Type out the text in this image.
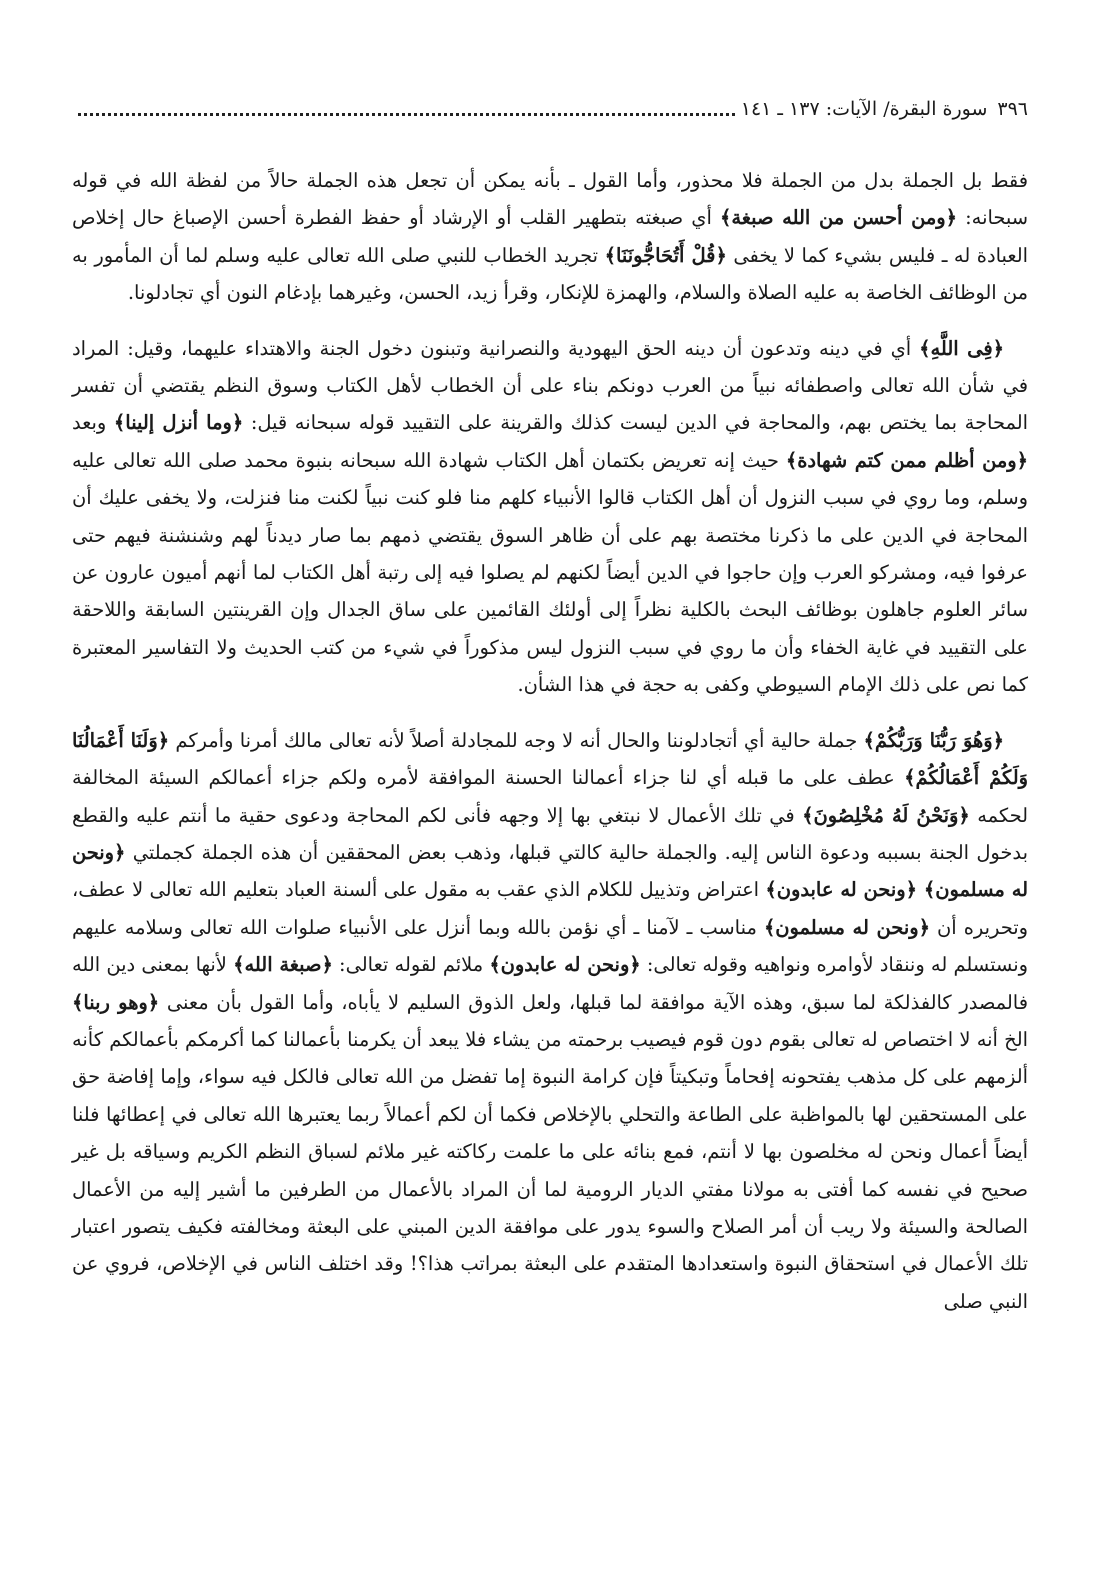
٣٩٦
سورة البقرة/ الآيات: ١٣٧ ـ ١٤١

فقط بل الجملة بدل من الجملة فلا محذور، وأما القول ـ بأنه يمكن أن تجعل هذه الجملة حالاً من لفظة الله في قوله سبحانه: ﴿ومن أحسن من الله صبغة﴾ أي صبغته بتطهير القلب أو الإرشاد أو حفظ الفطرة أحسن الإصباغ حال إخلاص العبادة له ـ فليس بشيء كما لا يخفى ﴿قُلْ أَتُحَاجُّونَنَا﴾ تجريد الخطاب للنبي صلى الله تعالى عليه وسلم لما أن المأمور به من الوظائف الخاصة به عليه الصلاة والسلام، والهمزة للإنكار، وقرأ زيد، الحسن، وغيرهما بإدغام النون أي تجادلونا.

﴿فِى اللَّهِ﴾ أي في دينه وتدعون أن دينه الحق اليهودية والنصرانية وتبنون دخول الجنة والاهتداء عليهما، وقيل: المراد في شأن الله تعالى واصطفائه نبياً من العرب دونكم بناء على أن الخطاب لأهل الكتاب وسوق النظم يقتضي أن تفسر المحاجة بما يختص بهم، والمحاجة في الدين ليست كذلك والقرينة على التقييد قوله سبحانه قيل: ﴿وما أنزل إلينا﴾ وبعد ﴿ومن أظلم ممن كتم شهادة﴾ حيث إنه تعريض بكتمان أهل الكتاب شهادة الله سبحانه بنبوة محمد صلى الله تعالى عليه وسلم، وما روي في سبب النزول أن أهل الكتاب قالوا الأنبياء كلهم منا فلو كنت نبياً لكنت منا فنزلت، ولا يخفى عليك أن المحاجة في الدين على ما ذكرنا مختصة بهم على أن ظاهر السوق يقتضي ذمهم بما صار ديدناً لهم وشنشنة فيهم حتى عرفوا فيه، ومشركو العرب وإن حاجوا في الدين أيضاً لكنهم لم يصلوا فيه إلى رتبة أهل الكتاب لما أنهم أميون عارون عن سائر العلوم جاهلون بوظائف البحث بالكلية نظراً إلى أولئك القائمين على ساق الجدال وإن القرينتين السابقة واللاحقة على التقييد في غاية الخفاء وأن ما روي في سبب النزول ليس مذكوراً في شيء من كتب الحديث ولا التفاسير المعتبرة كما نص على ذلك الإمام السيوطي وكفى به حجة في هذا الشأن.

﴿وَهُوَ رَبُّنَا وَرَبُّكُمْ﴾ جملة حالية أي أتجادلوننا والحال أنه لا وجه للمجادلة أصلاً لأنه تعالى مالك أمرنا وأمركم ﴿وَلَنَا أَعْمَالُنَا وَلَكُمْ أَعْمَالُكُمْ﴾ عطف على ما قبله أي لنا جزاء أعمالنا الحسنة الموافقة لأمره ولكم جزاء أعمالكم السيئة المخالفة لحكمه ﴿وَنَحْنُ لَهُ مُخْلِصُونَ﴾ في تلك الأعمال لا نبتغي بها إلا وجهه فأنى لكم المحاجة ودعوى حقية ما أنتم عليه والقطع بدخول الجنة بسببه ودعوة الناس إليه. والجملة حالية كالتي قبلها، وذهب بعض المحققين أن هذه الجملة كجملتي ﴿ونحن له مسلمون﴾ ﴿ونحن له عابدون﴾ اعتراض وتذييل للكلام الذي عقب به مقول على ألسنة العباد بتعليم الله تعالى لا عطف، وتحريره أن ﴿ونحن له مسلمون﴾ مناسب ـ لآمنا ـ أي نؤمن بالله وبما أنزل على الأنبياء صلوات الله تعالى وسلامه عليهم ونستسلم له وننقاد لأوامره ونواهيه وقوله تعالى: ﴿ونحن له عابدون﴾ ملائم لقوله تعالى: ﴿صبغة الله﴾ لأنها بمعنى دين الله فالمصدر كالفذلكة لما سبق، وهذه الآية موافقة لما قبلها، ولعل الذوق السليم لا يأباه، وأما القول بأن معنى ﴿وهو ربنا﴾ الخ أنه لا اختصاص له تعالى بقوم دون قوم فيصيب برحمته من يشاء فلا يبعد أن يكرمنا بأعمالنا كما أكرمكم بأعمالكم كأنه ألزمهم على كل مذهب يفتحونه إفحاماً وتبكيتاً فإن كرامة النبوة إما تفضل من الله تعالى فالكل فيه سواء، وإما إفاضة حق على المستحقين لها بالمواظبة على الطاعة والتحلي بالإخلاص فكما أن لكم أعمالاً ربما يعتبرها الله تعالى في إعطائها فلنا أيضاً أعمال ونحن له مخلصون بها لا أنتم، فمع بنائه على ما علمت ركاكته غير ملائم لسباق النظم الكريم وسياقه بل غير صحيح في نفسه كما أفتى به مولانا مفتي الديار الرومية لما أن المراد بالأعمال من الطرفين ما أشير إليه من الأعمال الصالحة والسيئة ولا ريب أن أمر الصلاح والسوء يدور على موافقة الدين المبني على البعثة ومخالفته فكيف يتصور اعتبار تلك الأعمال في استحقاق النبوة واستعدادها المتقدم على البعثة بمراتب هذا؟! وقد اختلف الناس في الإخلاص، فروي عن النبي صلى
